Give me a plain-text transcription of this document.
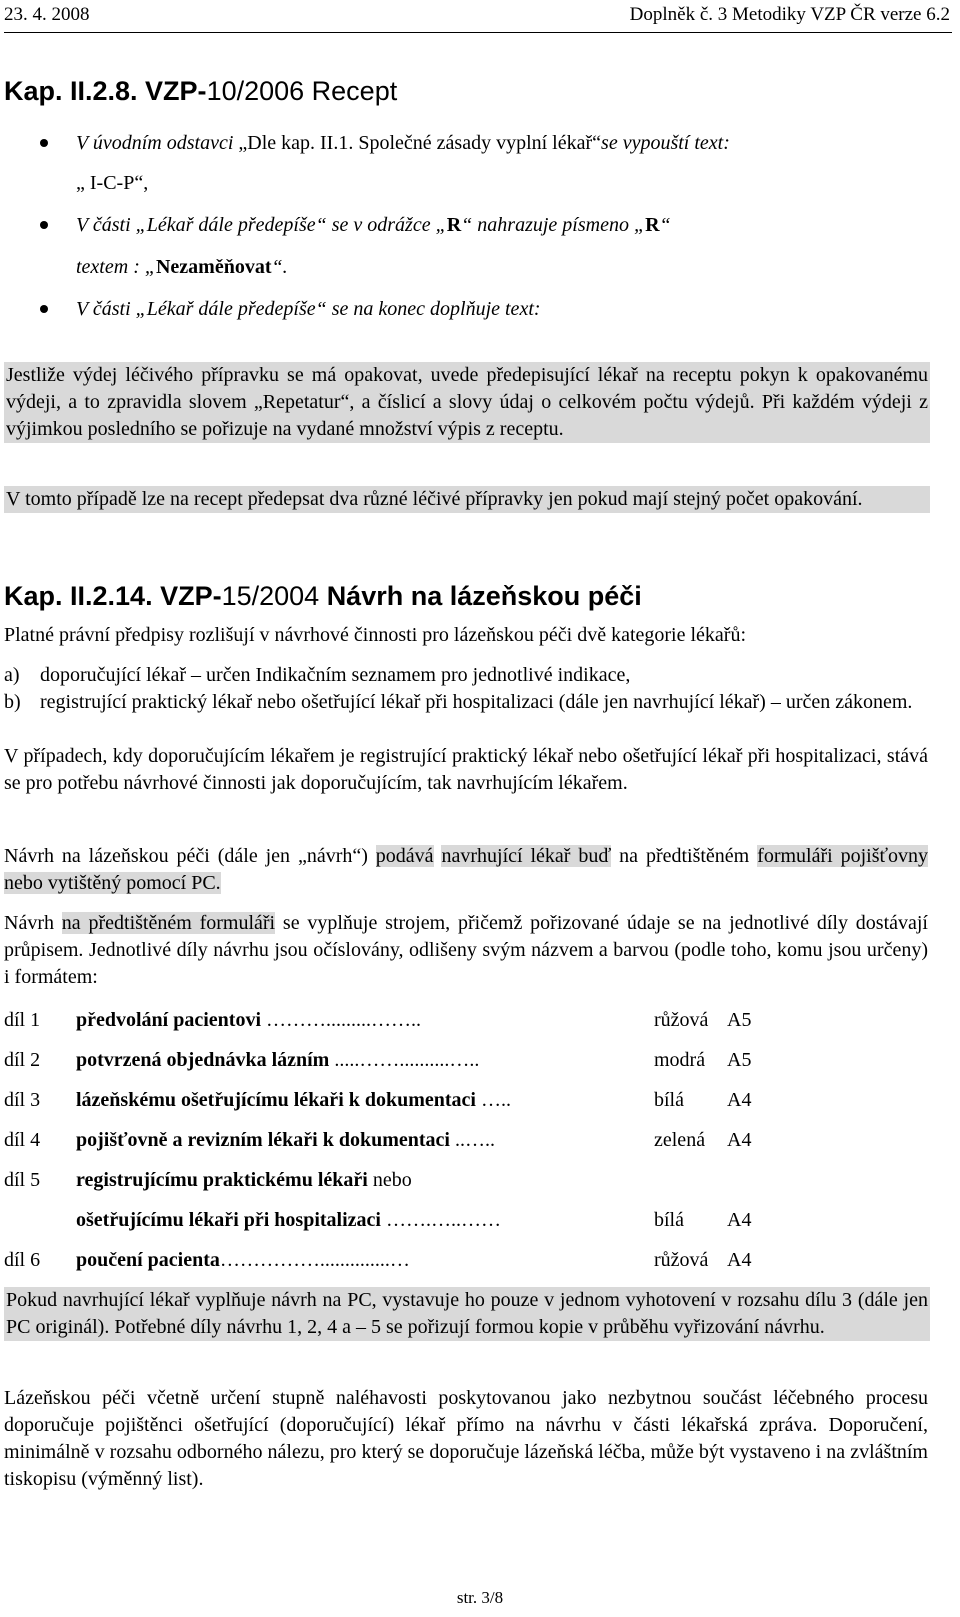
23. 4. 2008	Doplněk č. 3 Metodiky VZP ČR verze 6.2
Kap. II.2.8. VZP-10/2006 Recept
V úvodním odstavci „Dle kap. II.1. Společné zásady vyplní lékař“se vypouští text:
„ I-C-P“,
V části „Lékař dále předepíše“ se v odrážce „R“ nahrazuje písmeno „R“
textem : „Nezaměňovat“.
V části „Lékař dále předepíše“ se na konec doplňuje text:
Jestliže výdej léčivého přípravku se má opakovat, uvede předepisující lékař na receptu pokyn k opakovanému výdeji, a to zpravidla slovem „Repetatur“, a číslicí a slovy údaj o celkovém počtu výdejů. Při každém výdeji z výjimkou posledního se pořizuje na vydané množství výpis z receptu.
V tomto případě lze na recept předepsat dva různé léčivé přípravky jen pokud mají stejný počet opakování.
Kap. II.2.14. VZP-15/2004 Návrh na lázeňskou péči
Platné právní předpisy rozlišují v návrhové činnosti pro lázeňskou péči dvě kategorie lékařů:
a) doporučující lékař – určen Indikačním seznamem pro jednotlivé indikace,
b) registrující praktický lékař nebo ošetřující lékař při hospitalizaci (dále jen navrhující lékař) – určen zákonem.
V případech, kdy doporučujícím lékařem je registrující praktický lékař nebo ošetřující lékař při hospitalizaci, stává se pro potřebu návrhové činnosti jak doporučujícím, tak navrhujícím lékařem.
Návrh na lázeňskou péči (dále jen „návrh“) podává navrhující lékař buď na předtištěném formuláři pojišťovny nebo vytištěný pomocí PC.
Návrh na předtištěném formuláři se vyplňuje strojem, přičemž pořizované údaje se na jednotlivé díly dostávají průpisem. Jednotlivé díly návrhu jsou očíslovány, odlišeny svým názvem a barvou (podle toho, komu jsou určeny) i formátem:
díl 1 předvolání pacientovi ……….........……..	růžová A5
díl 2 potvrzená objednávka lázním .....……..........…..	modrá A5
díl 3 lázeňskému ošetřujícímu lékaři k dokumentaci …..	bílá A4
díl 4 pojišťovně a revizním lékaři k dokumentaci ..…..	zelená A4
díl 5 registrujícímu praktickému lékaři nebo
ošetřujícímu lékaři při hospitalizaci …….…..……	bílá A4
díl 6 poučení pacienta……………..............…	růžová A4
Pokud navrhující lékař vyplňuje návrh na PC, vystavuje ho pouze v jednom vyhotovení v rozsahu dílu 3 (dále jen PC originál). Potřebné díly návrhu 1, 2, 4 a – 5 se pořizují formou kopie v průběhu vyřizování návrhu.
Lázeňskou péči včetně určení stupně naléhavosti poskytovanou jako nezbytnou součást léčebného procesu doporučuje pojištěnci ošetřující (doporučující) lékař přímo na návrhu v části lékařská zpráva. Doporučení, minimálně v rozsahu odborného nálezu, pro který se doporučuje lázeňská léčba, může být vystaveno i na zvláštním tiskopisu (výměnný list).
str. 3/8
